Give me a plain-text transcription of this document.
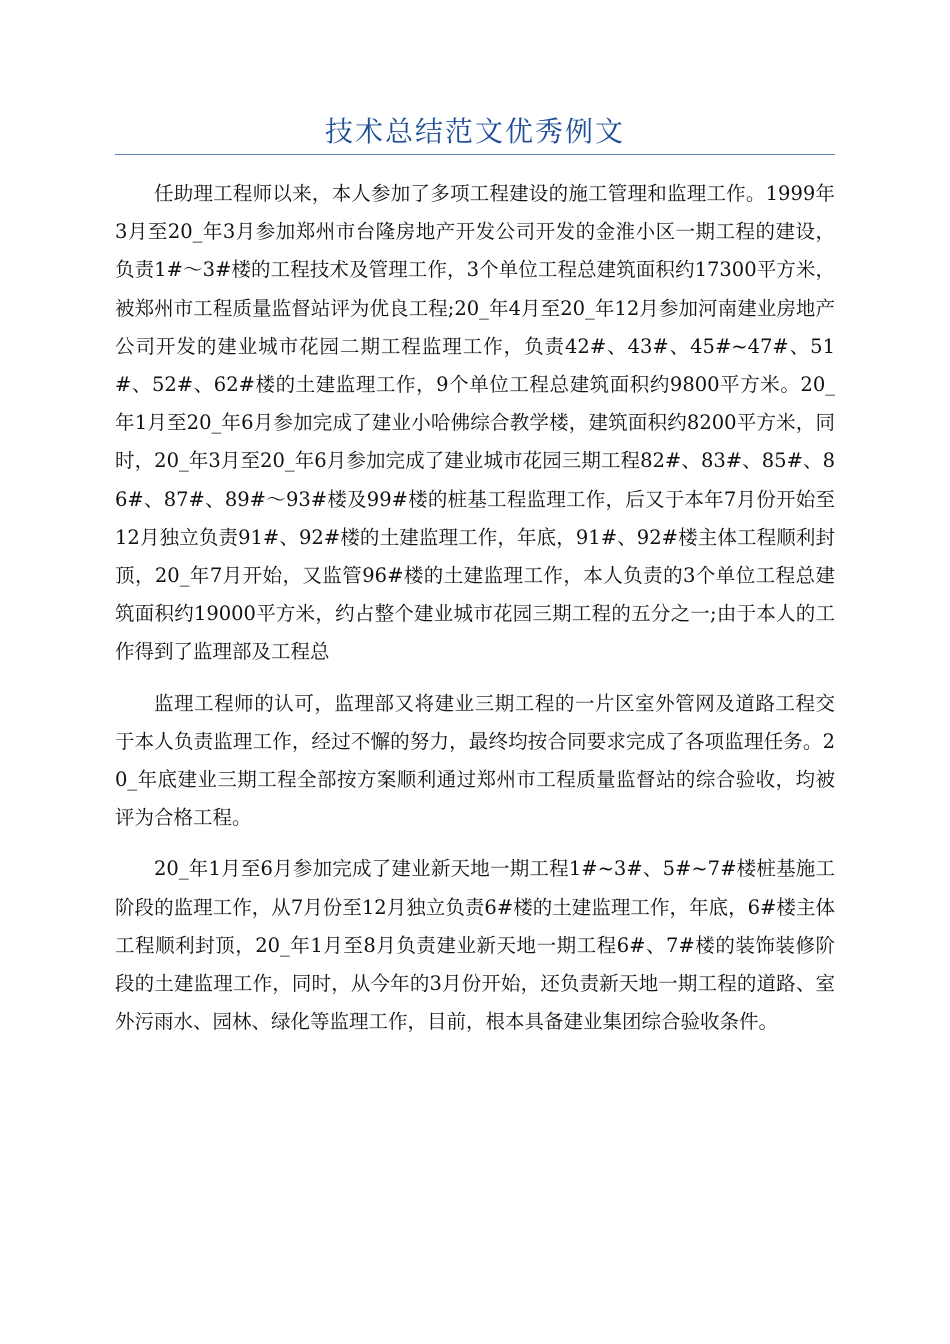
技术总结范文优秀例文

任助理工程师以来，本人参加了多项工程建设的施工管理和监理工作。1999年3月至20_年3月参加郑州市台隆房地产开发公司开发的金淮小区一期工程的建设，负责1#～3#楼的工程技术及管理工作，3个单位工程总建筑面积约17300平方米，被郑州市工程质量监督站评为优良工程;20_年4月至20_年12月参加河南建业房地产公司开发的建业城市花园二期工程监理工作，负责42#、43#、45#~47#、51#、52#、62#楼的土建监理工作，9个单位工程总建筑面积约9800平方米。20_年1月至20_年6月参加完成了建业小哈佛综合教学楼，建筑面积约8200平方米，同时，20_年3月至20_年6月参加完成了建业城市花园三期工程82#、83#、85#、86#、87#、89#～93#楼及99#楼的桩基工程监理工作，后又于本年7月份开始至12月独立负责91#、92#楼的土建监理工作，年底，91#、92#楼主体工程顺利封顶，20_年7月开始，又监管96#楼的土建监理工作，本人负责的3个单位工程总建筑面积约19000平方米，约占整个建业城市花园三期工程的五分之一;由于本人的工作得到了监理部及工程总

监理工程师的认可，监理部又将建业三期工程的一片区室外管网及道路工程交于本人负责监理工作，经过不懈的努力，最终均按合同要求完成了各项监理任务。20_年底建业三期工程全部按方案顺利通过郑州市工程质量监督站的综合验收，均被评为合格工程。

20_年1月至6月参加完成了建业新天地一期工程1#~3#、5#~7#楼桩基施工阶段的监理工作，从7月份至12月独立负责6#楼的土建监理工作，年底，6#楼主体工程顺利封顶，20_年1月至8月负责建业新天地一期工程6#、7#楼的装饰装修阶段的土建监理工作，同时，从今年的3月份开始，还负责新天地一期工程的道路、室外污雨水、园林、绿化等监理工作，目前，根本具备建业集团综合验收条件。
